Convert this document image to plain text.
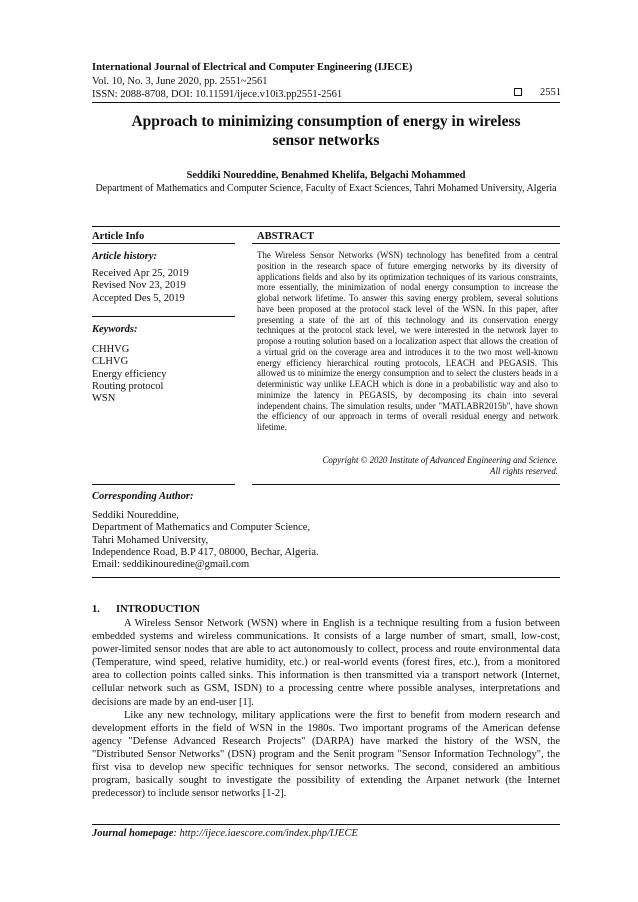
International Journal of Electrical and Computer Engineering (IJECE)
Vol. 10, No. 3, June 2020, pp. 2551~2561
ISSN: 2088-8708, DOI: 10.11591/ijece.v10i3.pp2551-2561	2551
Approach to minimizing consumption of energy in wireless
sensor networks
Seddiki Noureddine, Benahmed Khelifa, Belgachi Mohammed
Department of Mathematics and Computer Science, Faculty of Exact Sciences, Tahri Mohamed University, Algeria
Article Info
Article history:
Received Apr 25, 2019
Revised Nov 23, 2019
Accepted Des 5, 2019
Keywords:
CHHVG
CLHVG
Energy efficiency
Routing protocol
WSN
ABSTRACT
The Wireless Sensor Networks (WSN) technology has benefited from a central position in the research space of future emerging networks by its diversity of applications fields and also by its optimization techniques of its various constraints, more essentially, the minimization of nodal energy consumption to increase the global network lifetime. To answer this saving energy problem, several solutions have been proposed at the protocol stack level of the WSN. In this paper, after presenting a state of the art of this technology and its conservation energy techniques at the protocol stack level, we were interested in the network layer to propose a routing solution based on a localization aspect that allows the creation of a virtual grid on the coverage area and introduces it to the two most well-known energy efficiency hierarchical routing protocols, LEACH and PEGASIS. This allowed us to minimize the energy consumption and to select the clusters heads in a deterministic way unlike LEACH which is done in a probabilistic way and also to minimize the latency in PEGASIS, by decomposing its chain into several independent chains. The simulation results, under "MATLABR2015b", have shown the efficiency of our approach in terms of overall residual energy and network lifetime.
Copyright © 2020 Institute of Advanced Engineering and Science.
All rights reserved.
Corresponding Author:
Seddiki Noureddine,
Department of Mathematics and Computer Science,
Tahri Mohamed University,
Independence Road, B.P 417, 08000, Bechar, Algeria.
Email: seddikinouredine@gmail.com
1. INTRODUCTION

A Wireless Sensor Network (WSN) where in English is a technique resulting from a fusion between embedded systems and wireless communications. It consists of a large number of smart, small, low-cost, power-limited sensor nodes that are able to act autonomously to collect, process and route environmental data (Temperature, wind speed, relative humidity, etc.) or real-world events (forest fires, etc.), from a monitored area to collection points called sinks. This information is then transmitted via a transport network (Internet, cellular network such as GSM, ISDN) to a processing centre where possible analyses, interpretations and decisions are made by an end-user [1].

Like any new technology, military applications were the first to benefit from modern research and development efforts in the field of WSN in the 1980s. Two important programs of the American defense agency "Defense Advanced Research Projects" (DARPA) have marked the history of the WSN, the "Distributed Sensor Networks" (DSN) program and the Senit program "Sensor Information Technology", the first visa to develop new specific techniques for sensor networks. The second, considered an ambitious program, basically sought to investigate the possibility of extending the Arpanet network (the Internet predecessor) to include sensor networks [1-2].

Journal homepage: http://ijece.iaescore.com/index.php/IJECE
